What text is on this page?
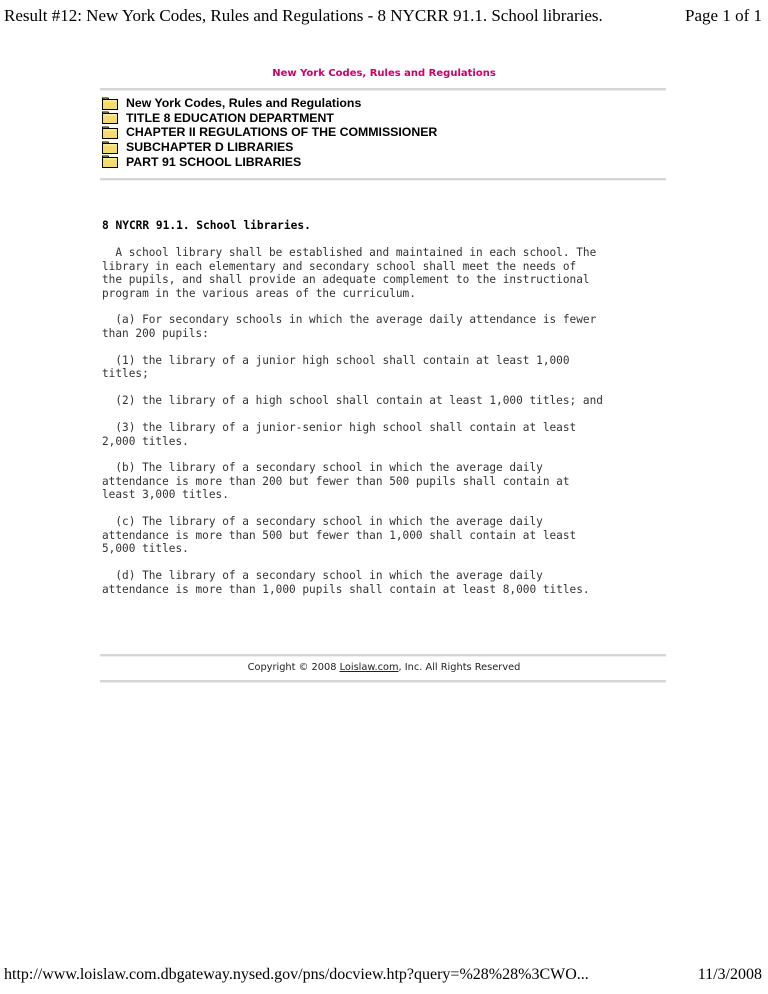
Result #12: New York Codes, Rules and Regulations - 8 NYCRR 91.1. School libraries.	Page 1 of 1
New York Codes, Rules and Regulations
New York Codes, Rules and Regulations
TITLE 8 EDUCATION DEPARTMENT
CHAPTER II REGULATIONS OF THE COMMISSIONER
SUBCHAPTER D LIBRARIES
PART 91 SCHOOL LIBRARIES
8 NYCRR 91.1. School libraries.

A school library shall be established and maintained in each school. The
library in each elementary and secondary school shall meet the needs of
the pupils, and shall provide an adequate complement to the instructional
program in the various areas of the curriculum.

(a) For secondary schools in which the average daily attendance is fewer
than 200 pupils:

(1) the library of a junior high school shall contain at least 1,000
titles;

(2) the library of a high school shall contain at least 1,000 titles; and

(3) the library of a junior-senior high school shall contain at least
2,000 titles.

(b) The library of a secondary school in which the average daily
attendance is more than 200 but fewer than 500 pupils shall contain at
least 3,000 titles.

(c) The library of a secondary school in which the average daily
attendance is more than 500 but fewer than 1,000 shall contain at least
5,000 titles.

(d) The library of a secondary school in which the average daily
attendance is more than 1,000 pupils shall contain at least 8,000 titles.

Copyright © 2008 Loislaw.com, Inc. All Rights Reserved
http://www.loislaw.com.dbgateway.nysed.gov/pns/docview.htp?query=%28%28%3CWO...	11/3/2008
